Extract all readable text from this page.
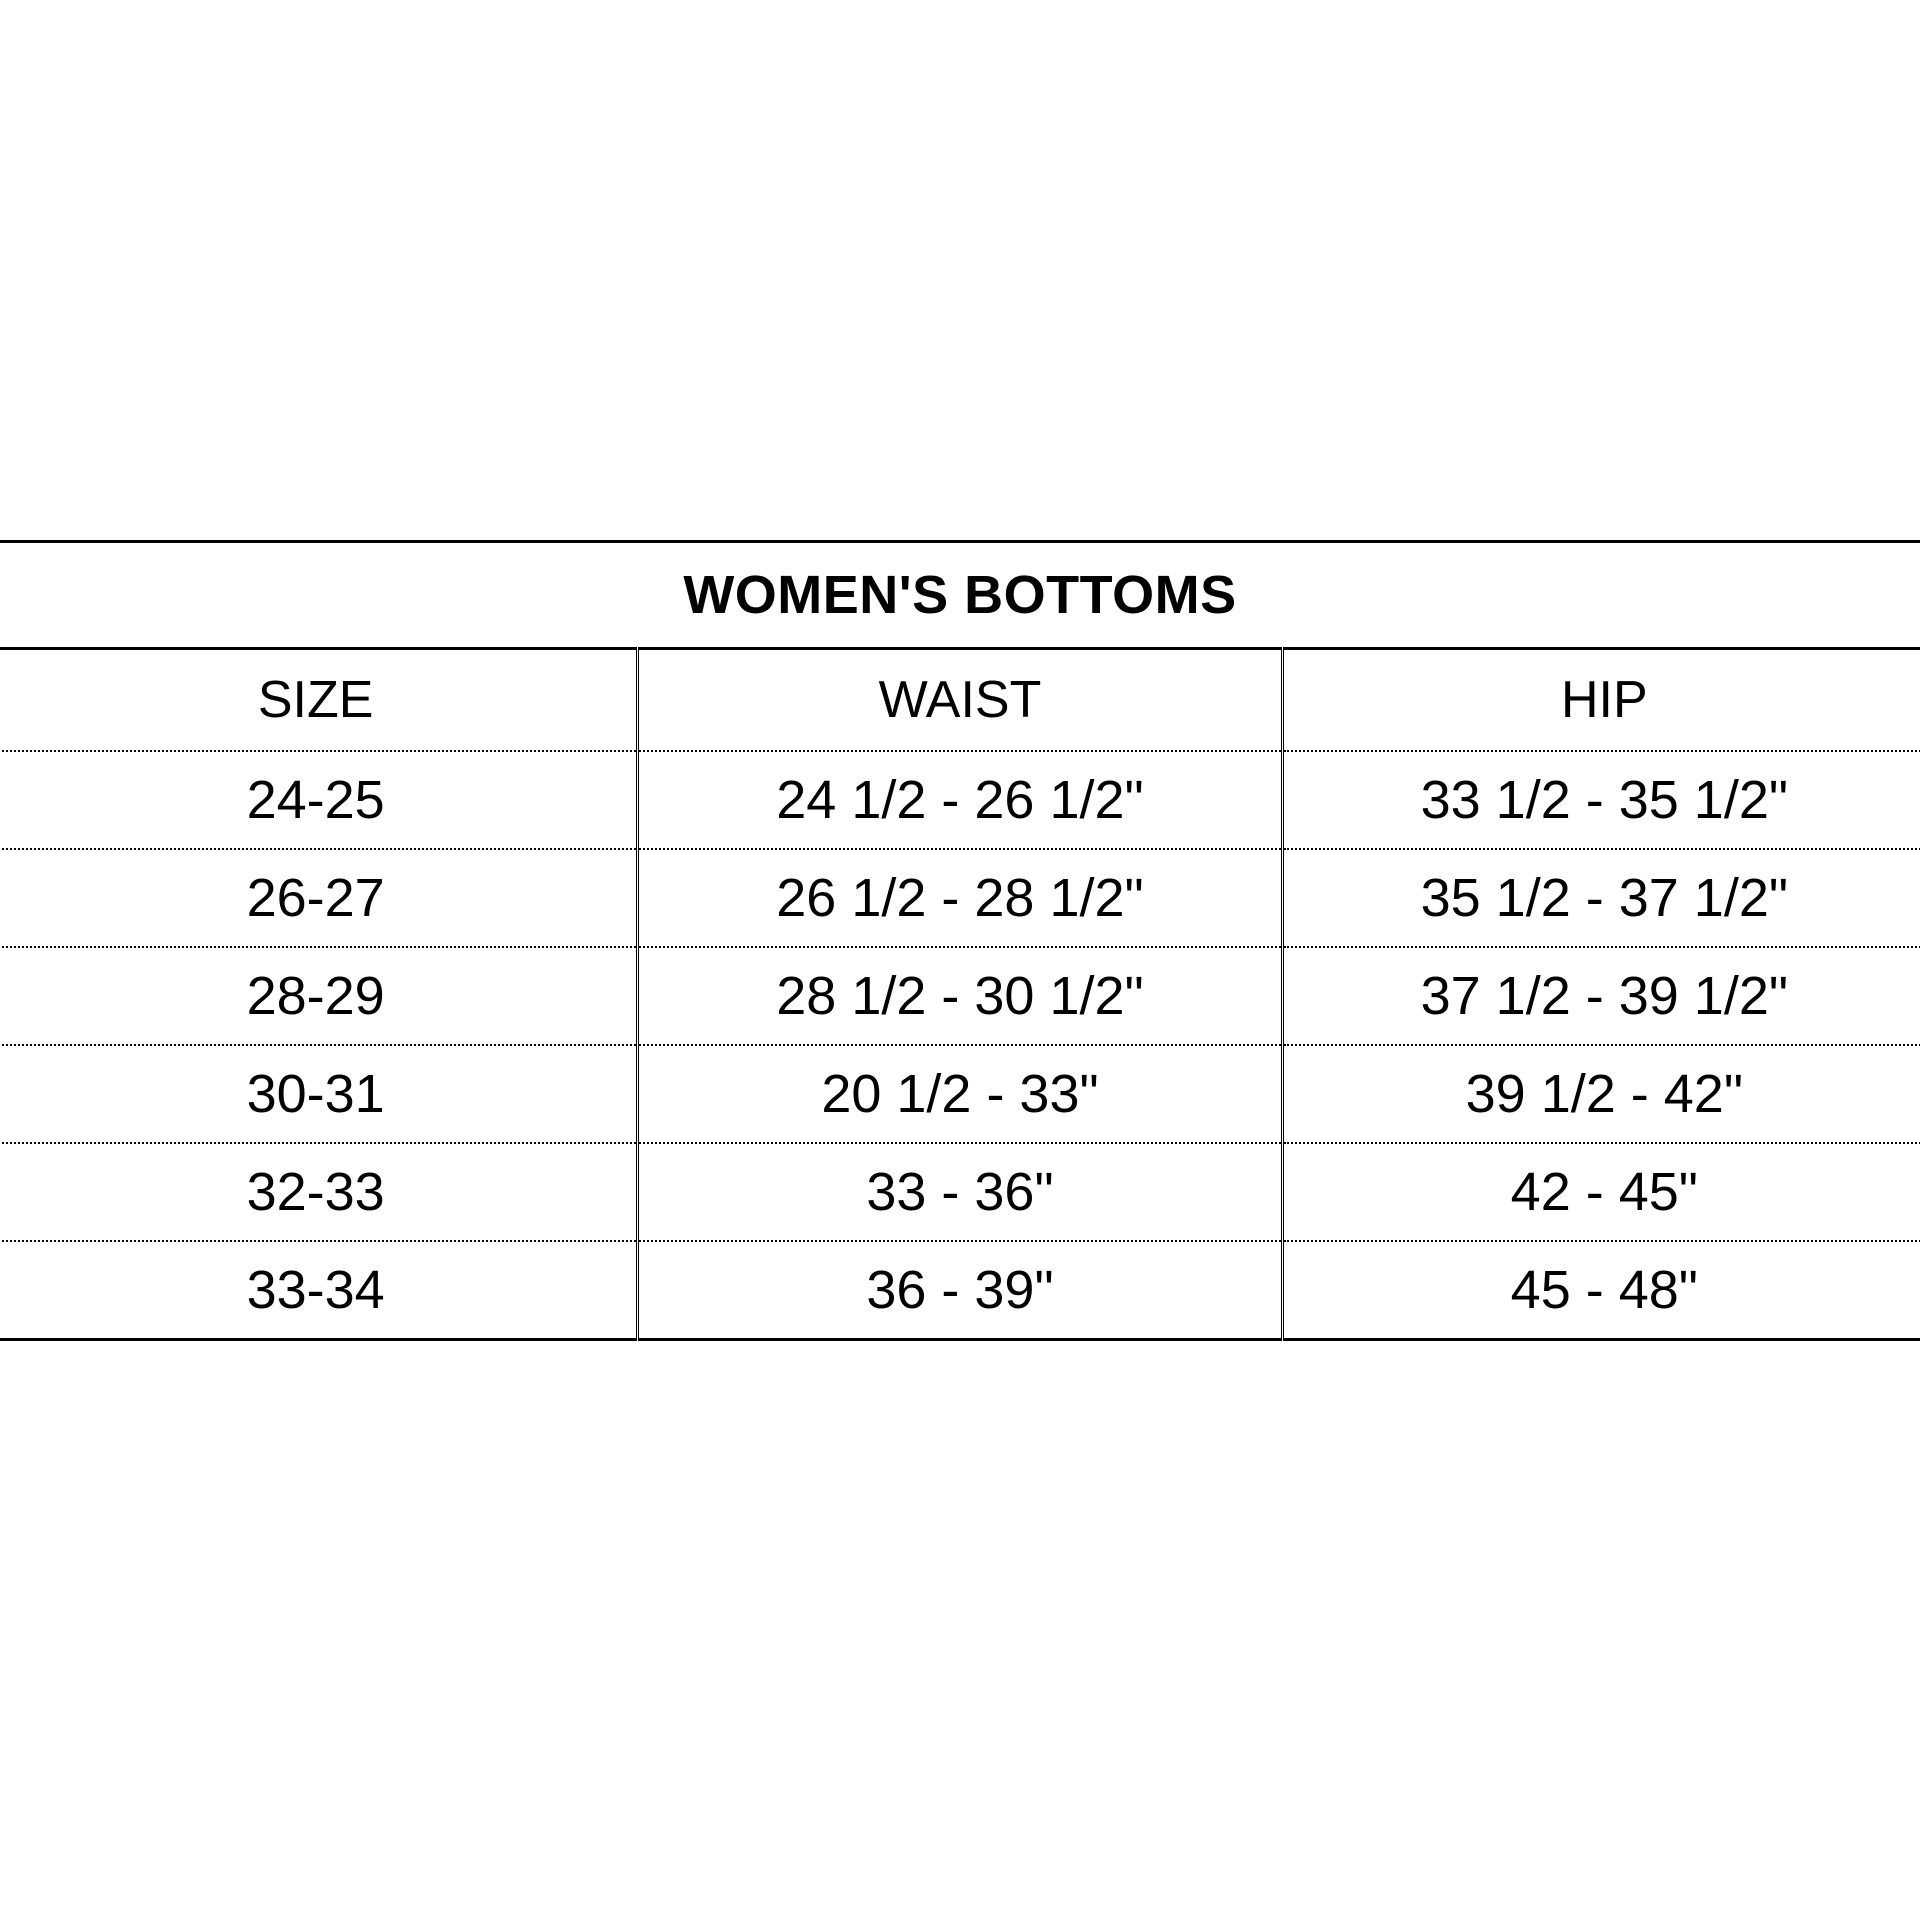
WOMEN'S BOTTOMS		
SIZE	WAIST	HIP
24-25	24 1/2 - 26 1/2"	33 1/2 - 35 1/2"
26-27	26 1/2 - 28 1/2"	35 1/2 - 37 1/2"
28-29	28 1/2 - 30 1/2"	37 1/2 - 39 1/2"
30-31	20 1/2 - 33"	39 1/2 - 42"
32-33	33 - 36"	42 - 45"
33-34	36 - 39"	45 - 48"
